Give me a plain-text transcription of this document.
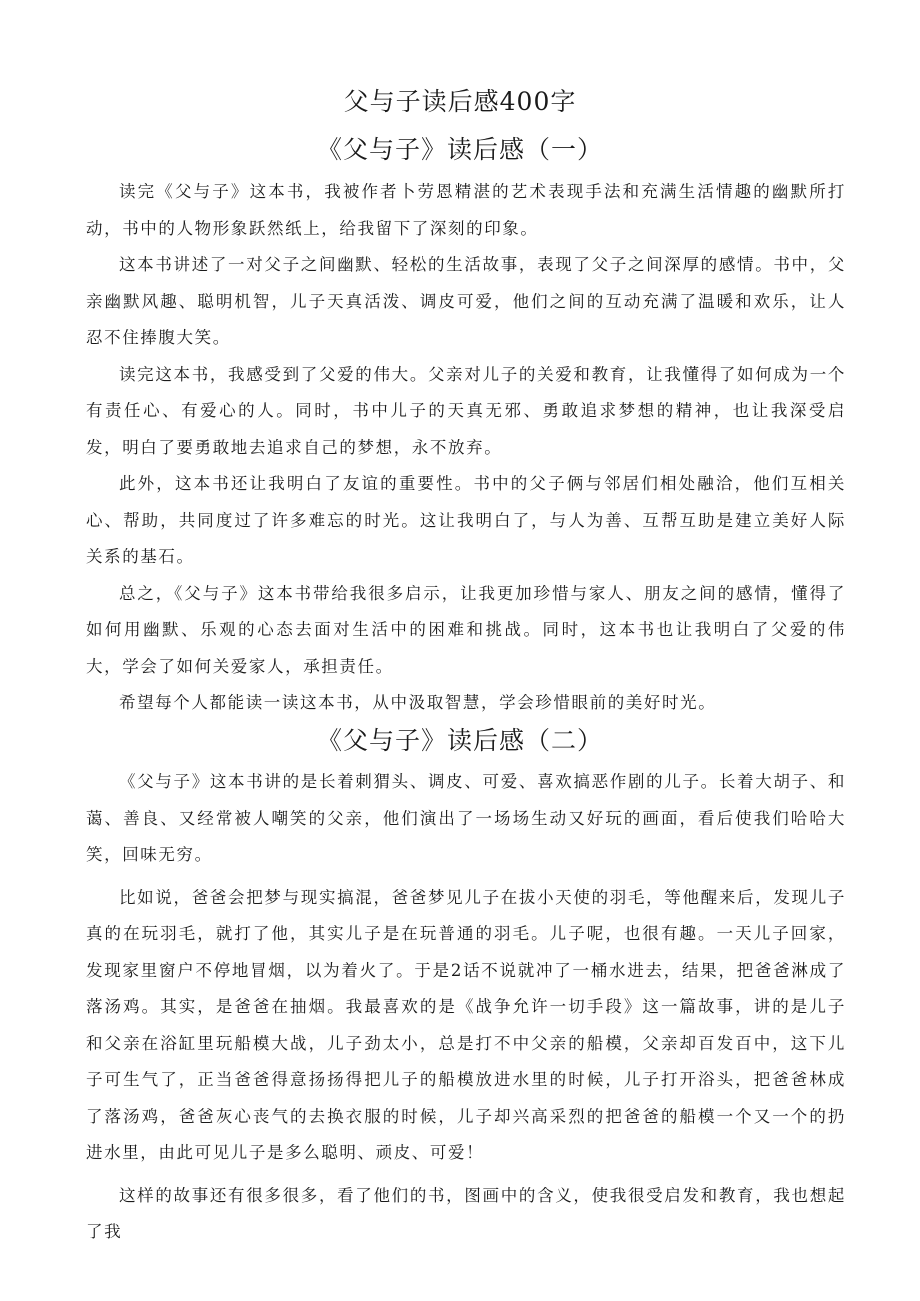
父与子读后感400字
《父与子》读后感（一）

读完《父与子》这本书，我被作者卜劳恩精湛的艺术表现手法和充满生活情趣的幽默所打动，书中的人物形象跃然纸上，给我留下了深刻的印象。

这本书讲述了一对父子之间幽默、轻松的生活故事，表现了父子之间深厚的感情。书中，父亲幽默风趣、聪明机智，儿子天真活泼、调皮可爱，他们之间的互动充满了温暖和欢乐，让人忍不住捧腹大笑。

读完这本书，我感受到了父爱的伟大。父亲对儿子的关爱和教育，让我懂得了如何成为一个有责任心、有爱心的人。同时，书中儿子的天真无邪、勇敢追求梦想的精神，也让我深受启发，明白了要勇敢地去追求自己的梦想，永不放弃。

此外，这本书还让我明白了友谊的重要性。书中的父子俩与邻居们相处融洽，他们互相关心、帮助，共同度过了许多难忘的时光。这让我明白了，与人为善、互帮互助是建立美好人际关系的基石。

总之，《父与子》这本书带给我很多启示，让我更加珍惜与家人、朋友之间的感情，懂得了如何用幽默、乐观的心态去面对生活中的困难和挑战。同时，这本书也让我明白了父爱的伟大，学会了如何关爱家人，承担责任。

希望每个人都能读一读这本书，从中汲取智慧，学会珍惜眼前的美好时光。

《父与子》读后感（二）

《父与子》这本书讲的是长着刺猬头、调皮、可爱、喜欢搞恶作剧的儿子。长着大胡子、和蔼、善良、又经常被人嘲笑的父亲，他们演出了一场场生动又好玩的画面，看后使我们哈哈大笑，回味无穷。

比如说，爸爸会把梦与现实搞混，爸爸梦见儿子在拔小天使的羽毛，等他醒来后，发现儿子真的在玩羽毛，就打了他，其实儿子是在玩普通的羽毛。儿子呢，也很有趣。一天儿子回家，发现家里窗户不停地冒烟，以为着火了。于是2话不说就冲了一桶水进去，结果，把爸爸淋成了落汤鸡。其实，是爸爸在抽烟。我最喜欢的是《战争允许一切手段》这一篇故事，讲的是儿子和父亲在浴缸里玩船模大战，儿子劲太小，总是打不中父亲的船模，父亲却百发百中，这下儿子可生气了，正当爸爸得意扬扬得把儿子的船模放进水里的时候，儿子打开浴头，把爸爸林成了落汤鸡，爸爸灰心丧气的去换衣服的时候，儿子却兴高采烈的把爸爸的船模一个又一个的扔进水里，由此可见儿子是多么聪明、顽皮、可爱！

这样的故事还有很多很多，看了他们的书，图画中的含义，使我很受启发和教育，我也想起了我
